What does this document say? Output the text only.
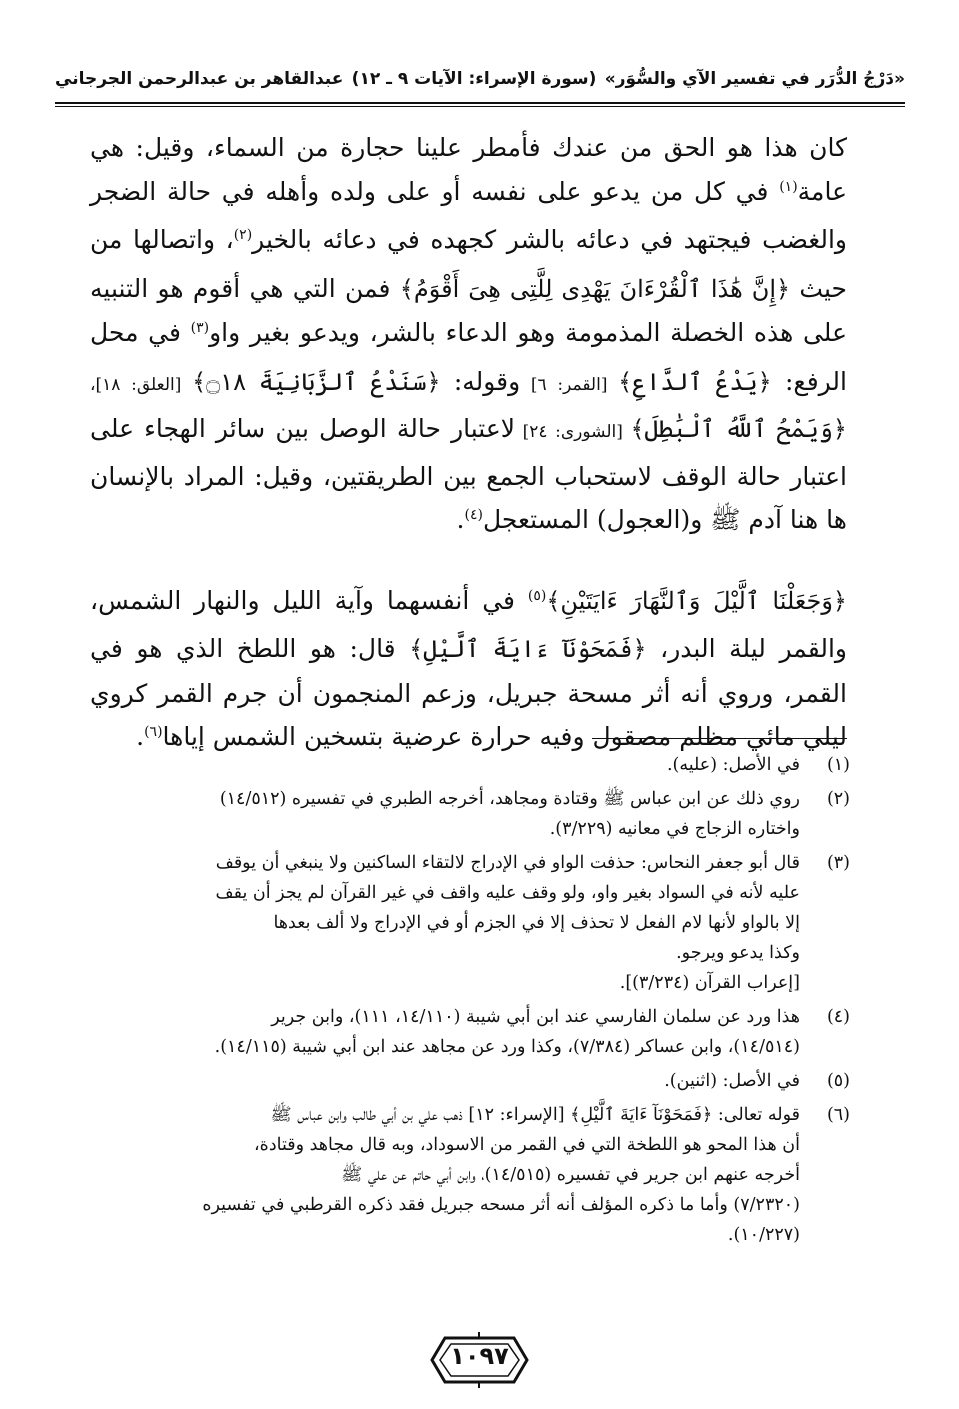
«دَرْجُ الدُّرَر في تفسير الآي والسُّوَر»
(سورة الإسراء: الآيات ٩ ـ ١٢)
عبدالقاهر بن عبدالرحمن الجرجاني

كان هذا هو الحق من عندك فأمطر علينا حجارة من السماء، وقيل: هي عامة$^{(١)}$ في كل من يدعو على نفسه أو على ولده وأهله في حالة الضجر والغضب فيجتهد في دعائه بالشر كجهده في دعائه بالخير$^{(٢)}$، واتصالها من حيث ﴿إِنَّ هَٰذَا ٱلْقُرْءَانَ يَهْدِى لِلَّتِى هِىَ أَقْوَمُ﴾ فمن التي هي أقوم هو التنبيه على هذه الخصلة المذمومة وهو الدعاء بالشر، ويدعو بغير واو$^{(٣)}$ في محل الرفع: ﴿يَدْعُ ٱلدَّاعِ﴾ [القمر: ٦] وقوله: ﴿سَنَدْعُ ٱلزَّبَانِيَةَ ۝١٨﴾ [العلق: ١٨]، ﴿وَيَمْحُ ٱللَّهُ ٱلْبَٰطِلَ﴾ [الشورى: ٢٤] لاعتبار حالة الوصل بين سائر الهجاء على اعتبار حالة الوقف لاستحباب الجمع بين الطريقتين، وقيل: المراد بالإنسان ها هنا آدم ﷺ و(العجول) المستعجل$^{(٤)}$.

﴿وَجَعَلْنَا ٱلَّيْلَ وَٱلنَّهَارَ ءَايَتَيْنِ﴾$^{(٥)}$ في أنفسهما وآية الليل والنهار الشمس، والقمر ليلة البدر، ﴿فَمَحَوْنَآ ءَايَةَ ٱلَّيْلِ﴾ قال: هو اللطخ الذي هو في القمر، وروي أنه أثر مسحة جبريل، وزعم المنجمون أن جرم القمر كروي ليلي مائي مظلم مصقول وفيه حرارة عرضية بتسخين الشمس إياها$^{(٦)}$.

(١)
في الأصل: (عليه).
(٢)
روي ذلك عن ابن عباس ﷺ وقتادة ومجاهد، أخرجه الطبري في تفسيره (١٤/٥١٢)
واختاره الزجاج في معانيه (٣/٢٢٩).
(٣)
قال أبو جعفر النحاس: حذفت الواو في الإدراج لالتقاء الساكنين ولا ينبغي أن يوقف
عليه لأنه في السواد بغير واو، ولو وقف عليه واقف في غير القرآن لم يجز أن يقف
إلا بالواو لأنها لام الفعل لا تحذف إلا في الجزم أو في الإدراج ولا ألف بعدها
وكذا يدعو ويرجو.
[إعراب القرآن (٣/٢٣٤)].
(٤)
هذا ورد عن سلمان الفارسي عند ابن أبي شيبة (١٤/١١٠، ١١١)، وابن جرير
(١٤/٥١٤)، وابن عساكر (٧/٣٨٤)، وكذا ورد عن مجاهد عند ابن أبي شيبة (١٤/١١٥).
(٥)
في الأصل: (اثنين).
(٦)
قوله تعالى: ﴿فَمَحَوْنَآ ءَايَةَ ٱلَّيْلِ﴾ [الإسراء: ١٢] ذهب علي بن أبي طالب وابن عباس ﷺ
أن هذا المحو هو اللطخة التي في القمر من الاسوداد، وبه قال مجاهد وقتادة،
أخرجه عنهم ابن جرير في تفسيره (١٤/٥١٥)، وابن أبي حاتم عن علي ﷺ
(٧/٢٣٢٠) وأما ما ذكره المؤلف أنه أثر مسحه جبريل فقد ذكره القرطبي في تفسيره
(١٠/٢٢٧).
١٠٩٧
